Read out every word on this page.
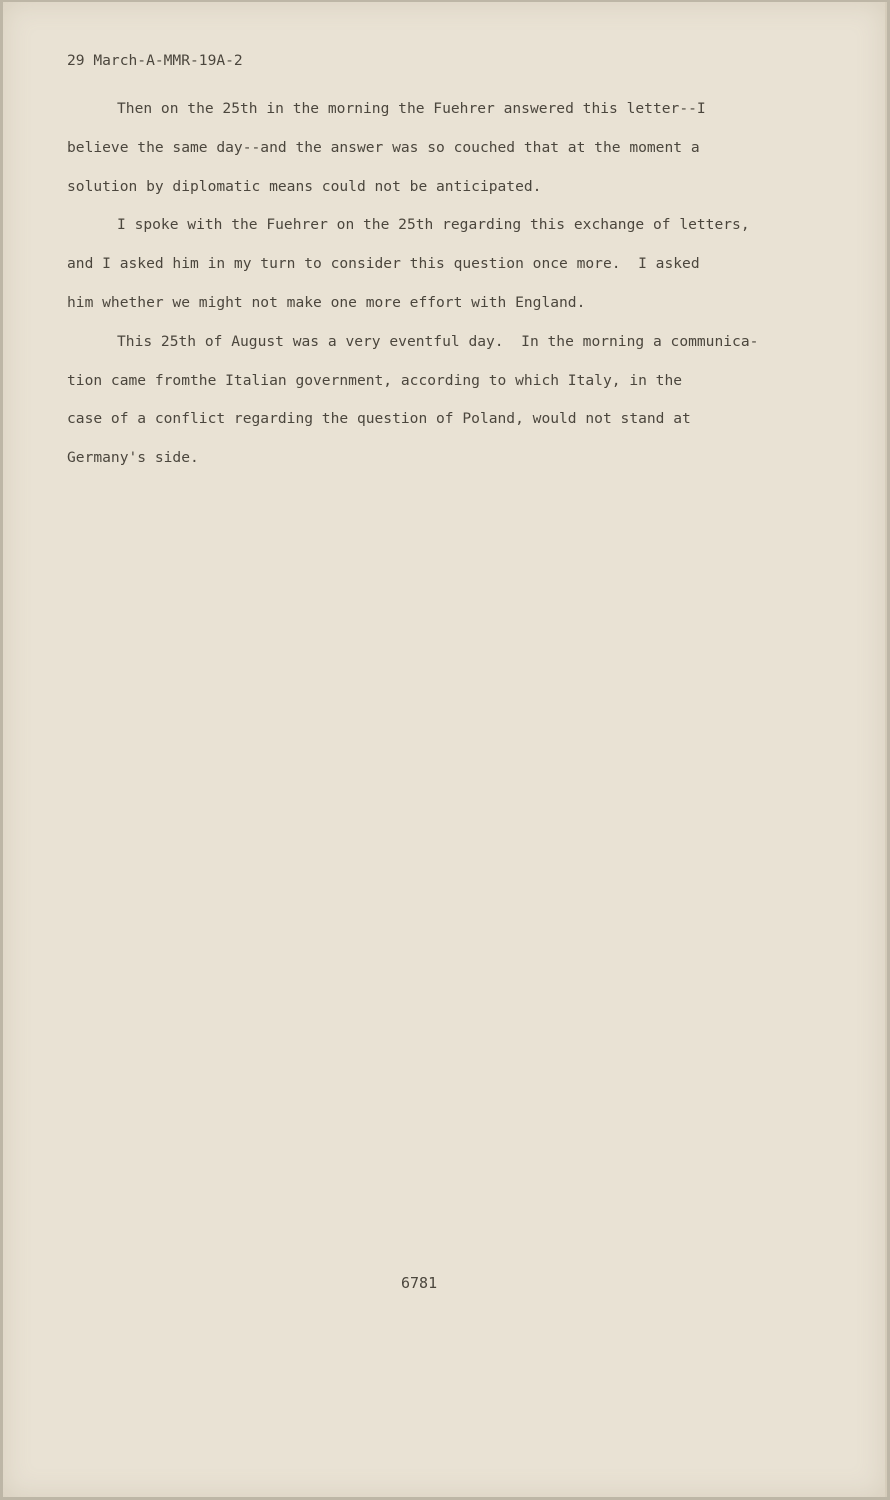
29 March-A-MMR-19A-2

Then on the 25th in the morning the Fuehrer answered this letter--I
believe the same day--and the answer was so couched that at the moment a
solution by diplomatic means could not be anticipated.

I spoke with the Fuehrer on the 25th regarding this exchange of letters,
and I asked him in my turn to consider this question once more.  I asked
him whether we might not make one more effort with England.

This 25th of August was a very eventful day.  In the morning a communica-
tion came fromthe Italian government, according to which Italy, in the
case of a conflict regarding the question of Poland, would not stand at
Germany's side.

6781
